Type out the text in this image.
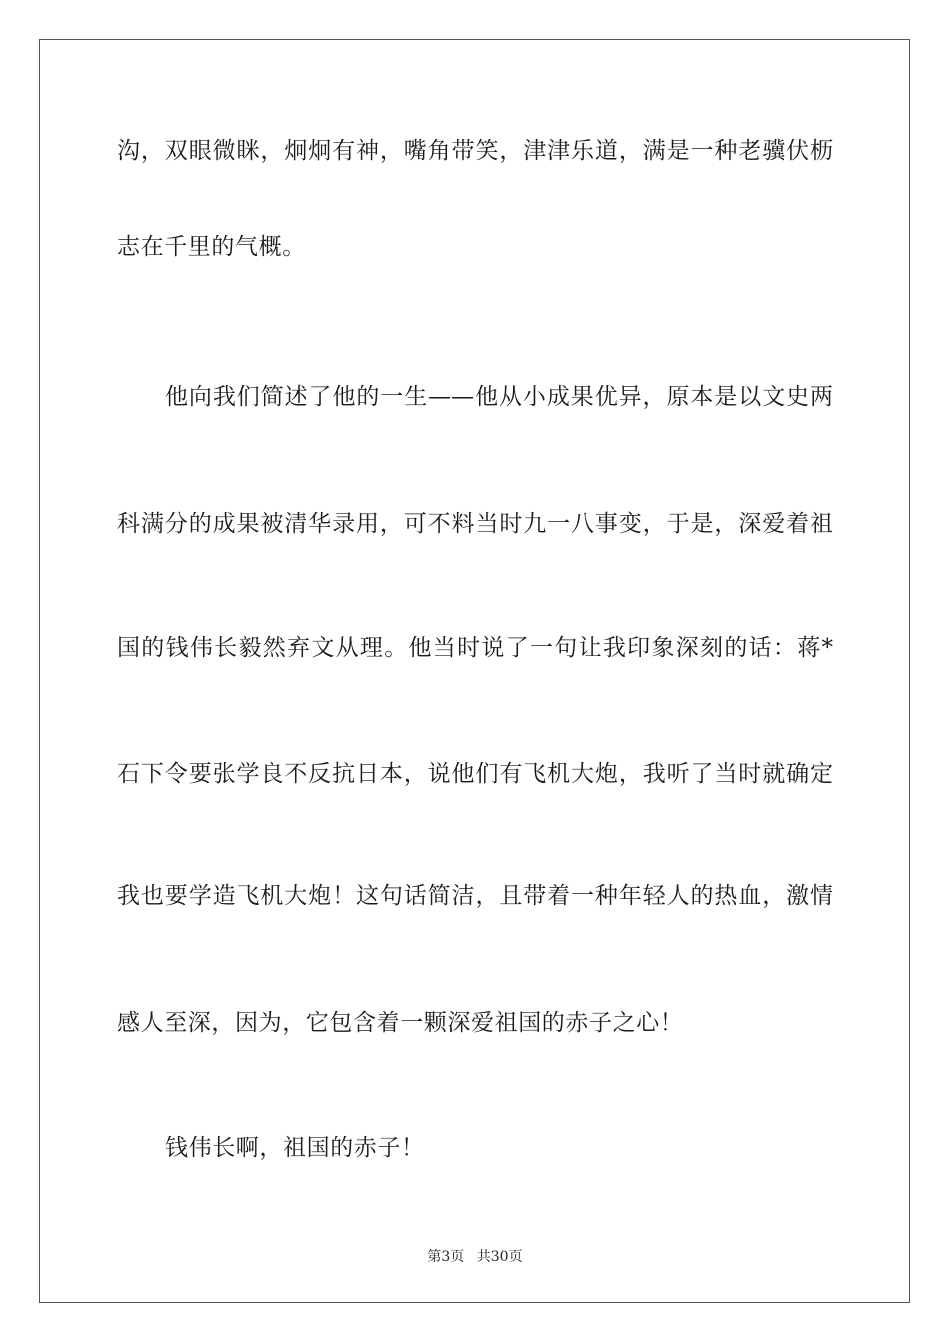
沟，双眼微眯，炯炯有神，嘴角带笑，津津乐道，满是一种老骥伏枥
志在千里的气概。
他向我们简述了他的一生——他从小成果优异，原本是以文史两
科满分的成果被清华录用，可不料当时九一八事变，于是，深爱着祖
国的钱伟长毅然弃文从理。他当时说了一句让我印象深刻的话：蒋*
石下令要张学良不反抗日本，说他们有飞机大炮，我听了当时就确定
我也要学造飞机大炮！这句话简洁，且带着一种年轻人的热血，激情
感人至深，因为，它包含着一颗深爱祖国的赤子之心！
钱伟长啊，祖国的赤子！
第3页 共30页
